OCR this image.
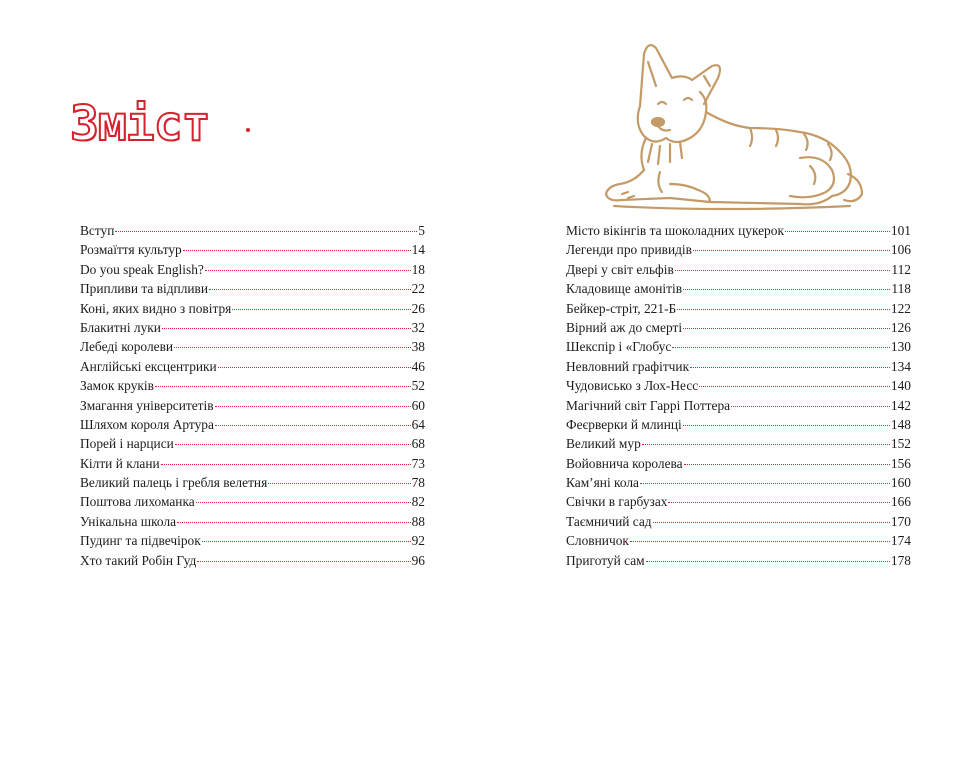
Зміст
Вступ	5
Розмаїття культур	14
Do you speak English?	18
Припливи та відпливи	22
Коні, яких видно з повітря	26
Блакитні луки	32
Лебеді королеви	38
Англійські ексцентрики	46
Замок круків	52
Змагання університетів	60
Шляхом короля Артура	64
Порей і нарциси	68
Кілти й клани	73
Великий палець і гребля велетня	78
Поштова лихоманка	82
Унікальна школа	88
Пудинг та підвечірок	92
Хто такий Робін Гуд	96
Місто вікінгів та шоколадних цукерок	101
Легенди про привидів	106
Двері у світ ельфів	112
Кладовище амонітів	118
Бейкер-стріт, 221-Б	122
Вірний аж до смерті	126
Шекспір і «Глобус	130
Невловний графітчик	134
Чудовисько з Лох-Несс	140
Магічний світ Гаррі Поттера	142
Феєрверки й млинці	148
Великий мур	152
Войовнича королева	156
Кам’яні кола	160
Свічки в гарбузах	166
Таємничий сад	170
Словничок	174
Приготуй сам	178
